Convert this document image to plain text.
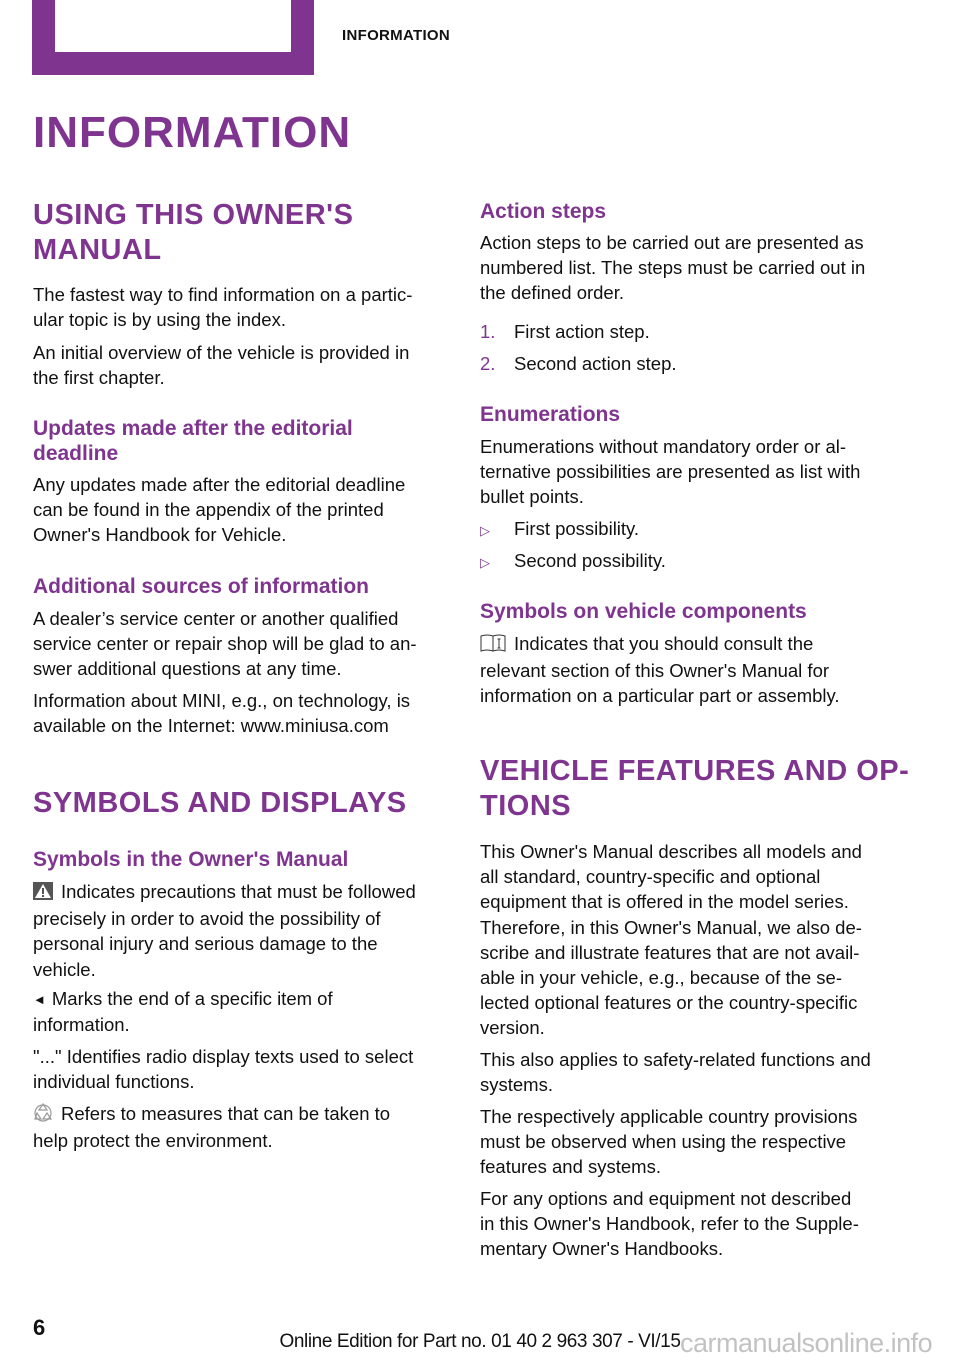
INFORMATION
INFORMATION
USING THIS OWNER'S
MANUAL

The fastest way to find information on a partic-
ular topic is by using the index.

An initial overview of the vehicle is provided in
the first chapter.

Updates made after the editorial
deadline

Any updates made after the editorial deadline
can be found in the appendix of the printed
Owner's Handbook for Vehicle.

Additional sources of information

A dealer’s service center or another qualified
service center or repair shop will be glad to an-
swer additional questions at any time.

Information about MINI, e.g., on technology, is
available on the Internet: www.miniusa.com

SYMBOLS AND DISPLAYS
Symbols in the Owner's Manual
Indicates precautions that must be followed
precisely in order to avoid the possibility of
personal injury and serious damage to the
vehicle.
◄ Marks the end of a specific item of
information.

"..." Identifies radio display texts used to select
individual functions.

Refers to measures that can be taken to
help protect the environment.
Action steps

Action steps to be carried out are presented as
numbered list. The steps must be carried out in
the defined order.

1. First action step.
2. Second action step.
Enumerations

Enumerations without mandatory order or al-
ternative possibilities are presented as list with
bullet points.

▷ First possibility.
▷ Second possibility.
Symbols on vehicle components
Indicates that you should consult the
relevant section of this Owner's Manual for
information on a particular part or assembly.
VEHICLE FEATURES AND OP-
TIONS

This Owner's Manual describes all models and
all standard, country-specific and optional
equipment that is offered in the model series.
Therefore, in this Owner's Manual, we also de-
scribe and illustrate features that are not avail-
able in your vehicle, e.g., because of the se-
lected optional features or the country-specific
version.

This also applies to safety-related functions and
systems.

The respectively applicable country provisions
must be observed when using the respective
features and systems.

For any options and equipment not described
in this Owner's Handbook, refer to the Supple-
mentary Owner's Handbooks.

6
Online Edition for Part no. 01 40 2 963 307 - VI/15 carmanualsonline.info
